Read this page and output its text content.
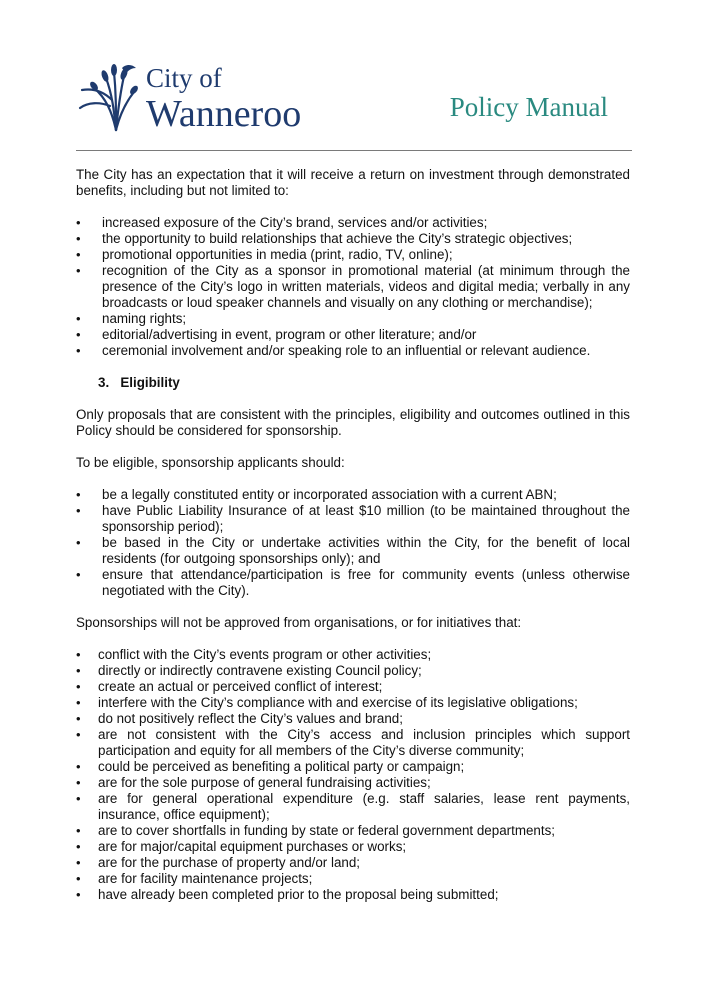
City of
Wanneroo	Policy Manual

The City has an expectation that it will receive a return on investment through demonstrated benefits, including but not limited to:

• increased exposure of the City’s brand, services and/or activities;
• the opportunity to build relationships that achieve the City’s strategic objectives;
• promotional opportunities in media (print, radio, TV, online);
• recognition of the City as a sponsor in promotional material (at minimum through the presence of the City’s logo in written materials, videos and digital media; verbally in any broadcasts or loud speaker channels and visually on any clothing or merchandise);
• naming rights;
• editorial/advertising in event, program or other literature; and/or
• ceremonial involvement and/or speaking role to an influential or relevant audience.

3.   Eligibility

Only proposals that are consistent with the principles, eligibility and outcomes outlined in this Policy should be considered for sponsorship.

To be eligible, sponsorship applicants should:

• be a legally constituted entity or incorporated association with a current ABN;
• have Public Liability Insurance of at least $10 million (to be maintained throughout the sponsorship period);
• be based in the City or undertake activities within the City, for the benefit of local residents (for outgoing sponsorships only); and
• ensure that attendance/participation is free for community events (unless otherwise negotiated with the City).

Sponsorships will not be approved from organisations, or for initiatives that:

• conflict with the City’s events program or other activities;
• directly or indirectly contravene existing Council policy;
• create an actual or perceived conflict of interest;
• interfere with the City’s compliance with and exercise of its legislative obligations;
• do not positively reflect the City’s values and brand;
• are not consistent with the City’s access and inclusion principles which support participation and equity for all members of the City’s diverse community;
• could be perceived as benefiting a political party or campaign;
• are for the sole purpose of general fundraising activities;
• are for general operational expenditure (e.g. staff salaries, lease rent payments, insurance, office equipment);
• are to cover shortfalls in funding by state or federal government departments;
• are for major/capital equipment purchases or works;
• are for the purchase of property and/or land;
• are for facility maintenance projects;
• have already been completed prior to the proposal being submitted;
